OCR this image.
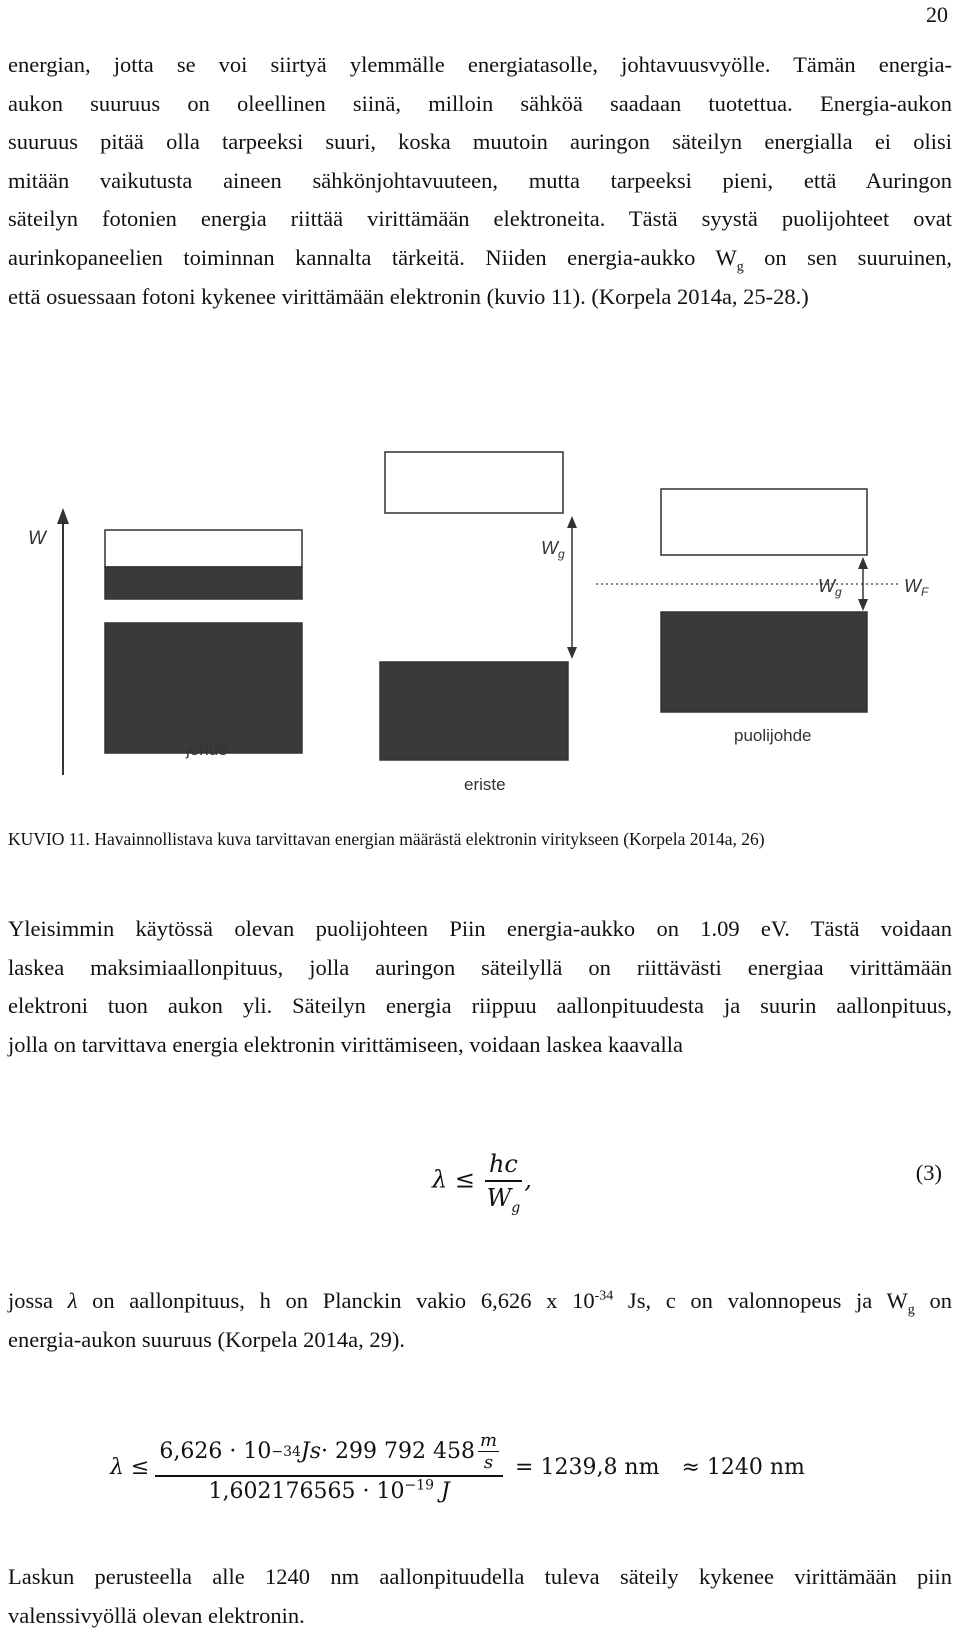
20
energian, jotta se voi siirtyä ylemmälle energiatasolle, johtavuusvyölle. Tämän energia-
aukon suuruus on oleellinen siinä, milloin sähköä saadaan tuotettua. Energia-aukon
suuruus pitää olla tarpeeksi suuri, koska muutoin auringon säteilyn energialla ei olisi
mitään vaikutusta aineen sähkönjohtavuuteen, mutta tarpeeksi pieni, että Auringon
säteilyn fotonien energia riittää virittämään elektroneita. Tästä syystä puolijohteet ovat
aurinkopaneelien toiminnan kannalta tärkeitä. Niiden energia-aukko $W_g$ on sen suuruinen,
että osuessaan fotoni kykenee virittämään elektronin (kuvio 11). (Korpela 2014a, 25-28.)
W
johde
$W_g$
eriste
$W_g$	$W_F$
puolijohde
KUVIO 11. Havainnollistava kuva tarvittavan energian määrästä elektronin viritykseen (Korpela 2014a, 26)
Yleisimmin käytössä olevan puolijohteen Piin energia-aukko on 1.09 eV. Tästä voidaan
laskea maksimiaallonpituus, jolla auringon säteilyllä on riittävästi energiaa virittämään
elektroni tuon aukon yli. Säteilyn energia riippuu aallonpituudesta ja suurin aallonpituus,
jolla on tarvittava energia elektronin virittämiseen, voidaan laskea kaavalla
$\lambda \le \frac{hc}{W_g}$ ,	(3)
jossa λ on aallonpituus, h on Planckin vakio 6,626 x $10^{-34}$ Js, c on valonnopeus ja $W_g$ on
energia-aukon suuruus (Korpela 2014a, 29).
$\lambda \le \frac{6,626 \cdot 10 -34 Js \cdot 299 792 458 \frac{m}{s}}{1,602176565 \cdot 10^{-19} J} = 1239,8$ nm ≈ 1240 nm
Laskun perusteella alle 1240 nm aallonpituudella tuleva säteily kykenee virittämään piin
valenssivyöllä olevan elektronin.
